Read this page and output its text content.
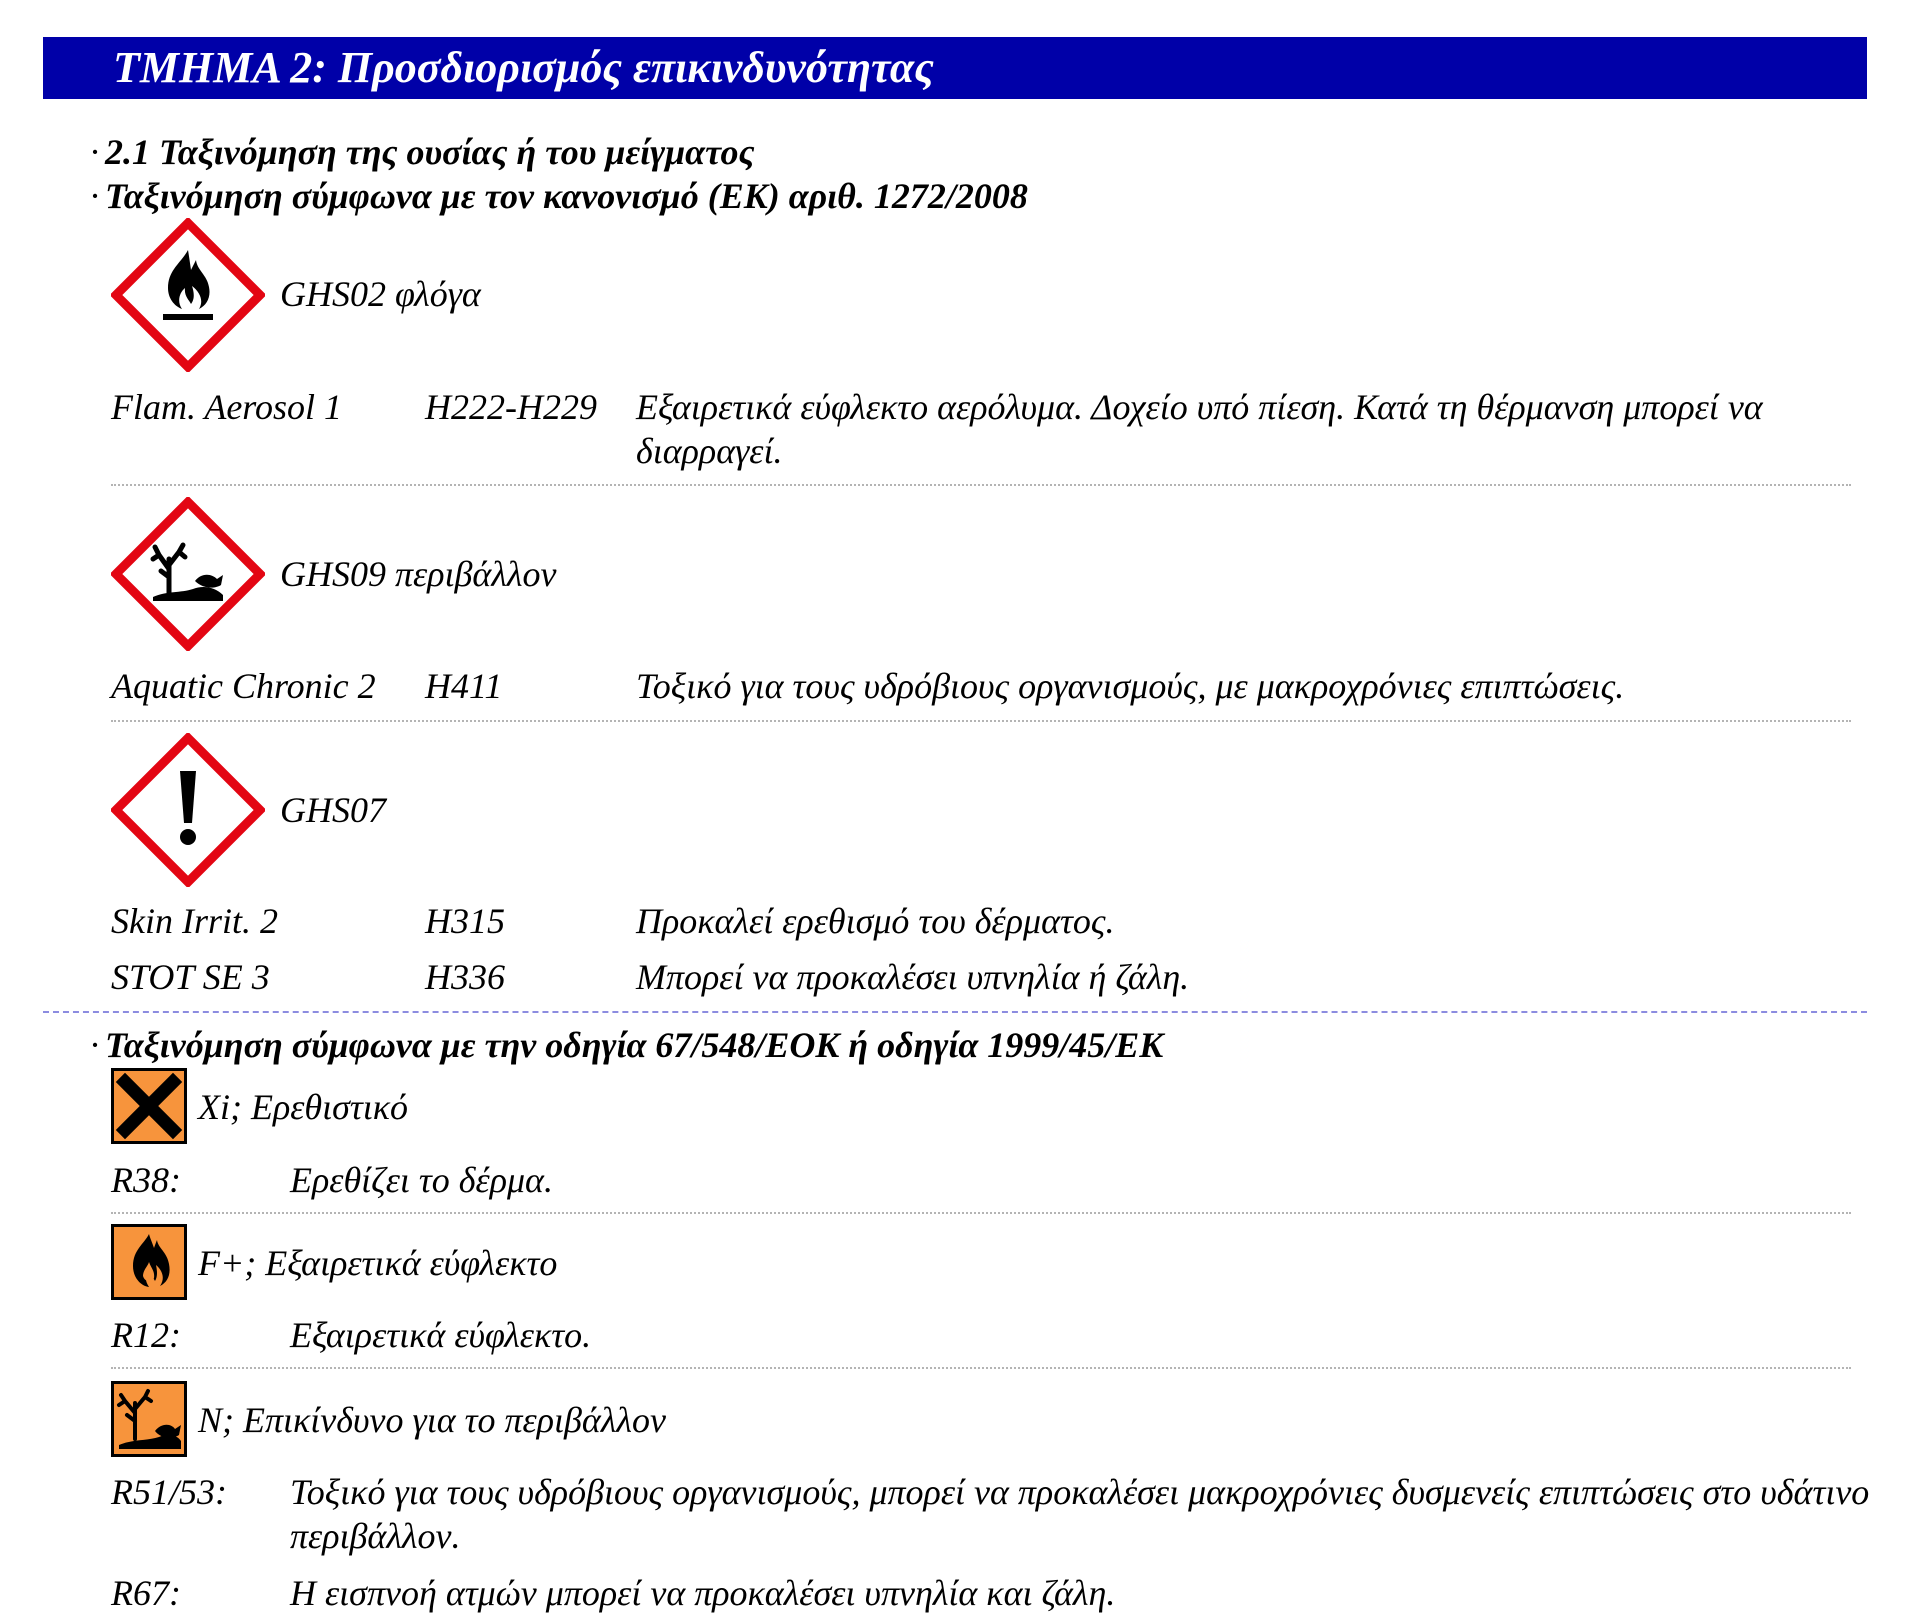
ΤΜΗΜΑ 2: Προσδιορισμός επικινδυνότητας
· 2.1 Ταξινόμηση της ουσίας ή του μείγματος
· Ταξινόμηση σύμφωνα με τον κανονισμό (ΕΚ) αριθ. 1272/2008
GHS02 φλόγα
Flam. Aerosol 1 H222-H229 Εξαιρετικά εύφλεκτο αερόλυμα. Δοχείο υπό πίεση. Κατά τη θέρμανση μπορεί να διαρραγεί.
GHS09 περιβάλλον
Aquatic Chronic 2 H411	Τοξικό για τους υδρόβιους οργανισμούς, με μακροχρόνιες επιπτώσεις.
GHS07
Skin Irrit. 2	H315	Προκαλεί ερεθισμό του δέρματος.
STOT SE 3	H336	Μπορεί να προκαλέσει υπνηλία ή ζάλη.
· Ταξινόμηση σύμφωνα με την οδηγία 67/548/ΕΟΚ ή οδηγία 1999/45/ΕΚ
Xi; Ερεθιστικό
R38:	Ερεθίζει το δέρμα.
F+; Εξαιρετικά εύφλεκτο
R12:	Εξαιρετικά εύφλεκτο.
N; Επικίνδυνο για το περιβάλλον
R51/53: Τοξικό για τους υδρόβιους οργανισμούς, μπορεί να προκαλέσει μακροχρόνιες δυσμενείς επιπτώσεις στο υδάτινο περιβάλλον.
R67:	Η εισπνοή ατμών μπορεί να προκαλέσει υπνηλία και ζάλη.
